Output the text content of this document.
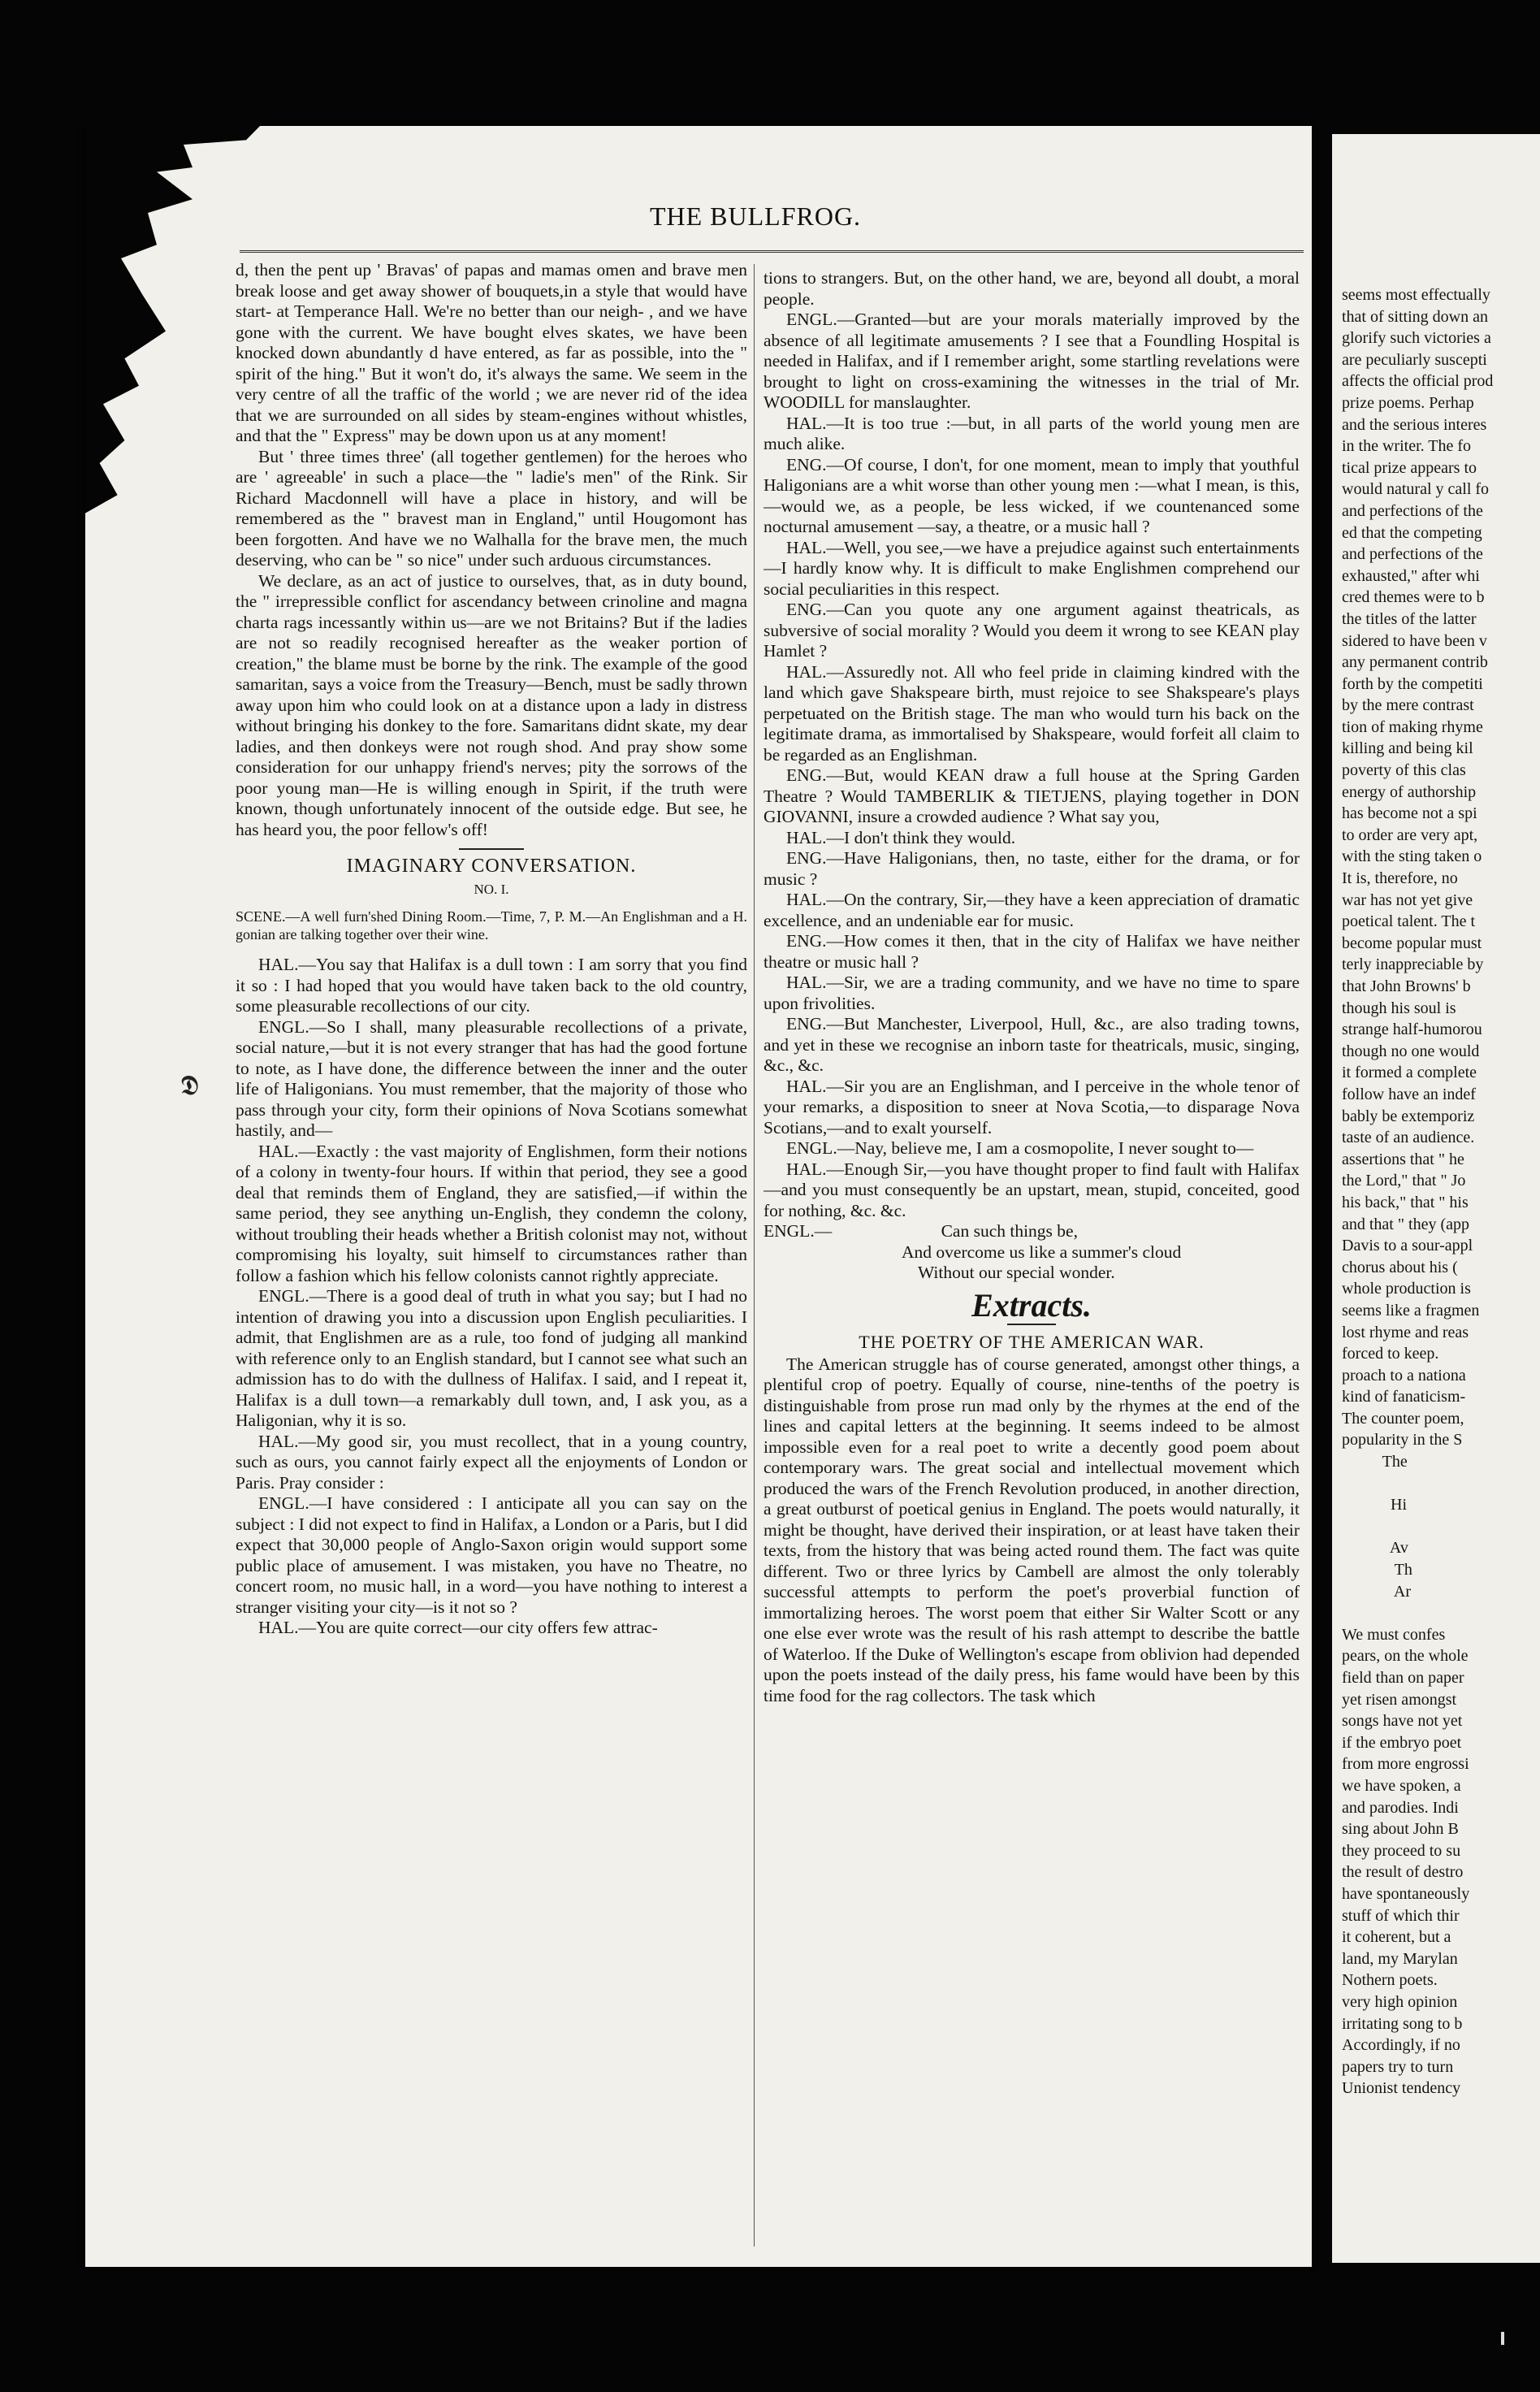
THE BULLFROG.
𝕯

d, then the pent up ' Bravas' of papas and mamas omen and brave men break loose and get away shower of bouquets,in a style that would have start- at Temperance Hall. We're no better than our neigh- , and we have gone with the current. We have bought elves skates, we have been knocked down abundantly d have entered, as far as possible, into the " spirit of the hing." But it won't do, it's always the same. We seem in the very centre of all the traffic of the world ; we are never rid of the idea that we are surrounded on all sides by steam-engines without whistles, and that the " Express" may be down upon us at any moment!

But ' three times three' (all together gentlemen) for the heroes who are ' agreeable' in such a place—the " ladie's men" of the Rink. Sir Richard Macdonnell will have a place in history, and will be remembered as the " bravest man in England," until Hougomont has been forgotten. And have we no Walhalla for the brave men, the much deserving, who can be " so nice" under such arduous circumstances.

We declare, as an act of justice to ourselves, that, as in duty bound, the " irrepressible conflict for ascendancy between crinoline and magna charta rags incessantly within us—are we not Britains? But if the ladies are not so readily recognised hereafter as the weaker portion of creation," the blame must be borne by the rink. The example of the good samaritan, says a voice from the Treasury—Bench, must be sadly thrown away upon him who could look on at a distance upon a lady in distress without bringing his donkey to the fore. Samaritans didnt skate, my dear ladies, and then donkeys were not rough shod. And pray show some consideration for our unhappy friend's nerves; pity the sorrows of the poor young man—He is willing enough in Spirit, if the truth were known, though unfortunately innocent of the outside edge. But see, he has heard you, the poor fellow's off!

IMAGINARY CONVERSATION.
NO. I.

SCENE.—A well furn'shed Dining Room.—Time, 7, P. M.—An Englishman and a H. gonian are talking together over their wine.

HAL.—You say that Halifax is a dull town : I am sorry that you find it so : I had hoped that you would have taken back to the old country, some pleasurable recollections of our city.

ENGL.—So I shall, many pleasurable recollections of a private, social nature,—but it is not every stranger that has had the good fortune to note, as I have done, the difference between the inner and the outer life of Haligonians. You must remember, that the majority of those who pass through your city, form their opinions of Nova Scotians somewhat hastily, and—

HAL.—Exactly : the vast majority of Englishmen, form their notions of a colony in twenty-four hours. If within that period, they see a good deal that reminds them of England, they are satisfied,—if within the same period, they see anything un-English, they condemn the colony, without troubling their heads whether a British colonist may not, without compromising his loyalty, suit himself to circumstances rather than follow a fashion which his fellow colonists cannot rightly appreciate.

ENGL.—There is a good deal of truth in what you say; but I had no intention of drawing you into a discussion upon English peculiarities. I admit, that Englishmen are as a rule, too fond of judging all mankind with reference only to an English standard, but I cannot see what such an admission has to do with the dullness of Halifax. I said, and I repeat it, Halifax is a dull town—a remarkably dull town, and, I ask you, as a Haligonian, why it is so.

HAL.—My good sir, you must recollect, that in a young country, such as ours, you cannot fairly expect all the enjoyments of London or Paris. Pray consider :

ENGL.—I have considered : I anticipate all you can say on the subject : I did not expect to find in Halifax, a London or a Paris, but I did expect that 30,000 people of Anglo-Saxon origin would support some public place of amusement. I was mistaken, you have no Theatre, no concert room, no music hall, in a word—you have nothing to interest a stranger visiting your city—is it not so ?

HAL.—You are quite correct—our city offers few attrac-

tions to strangers. But, on the other hand, we are, beyond all doubt, a moral people.

ENGL.—Granted—but are your morals materially improved by the absence of all legitimate amusements ? I see that a Foundling Hospital is needed in Halifax, and if I remember aright, some startling revelations were brought to light on cross-examining the witnesses in the trial of Mr. WOODILL for manslaughter.

HAL.—It is too true :—but, in all parts of the world young men are much alike.

ENG.—Of course, I don't, for one moment, mean to imply that youthful Haligonians are a whit worse than other young men :—what I mean, is this,—would we, as a people, be less wicked, if we countenanced some nocturnal amusement —say, a theatre, or a music hall ?

HAL.—Well, you see,—we have a prejudice against such entertainments—I hardly know why. It is difficult to make Englishmen comprehend our social peculiarities in this respect.

ENG.—Can you quote any one argument against theatricals, as subversive of social morality ? Would you deem it wrong to see KEAN play Hamlet ?

HAL.—Assuredly not. All who feel pride in claiming kindred with the land which gave Shakspeare birth, must rejoice to see Shakspeare's plays perpetuated on the British stage. The man who would turn his back on the legitimate drama, as immortalised by Shakspeare, would forfeit all claim to be regarded as an Englishman.

ENG.—But, would KEAN draw a full house at the Spring Garden Theatre ? Would TAMBERLIK & TIETJENS, playing together in DON GIOVANNI, insure a crowded audience ? What say you,

HAL.—I don't think they would.

ENG.—Have Haligonians, then, no taste, either for the drama, or for music ?

HAL.—On the contrary, Sir,—they have a keen appreciation of dramatic excellence, and an undeniable ear for music.

ENG.—How comes it then, that in the city of Halifax we have neither theatre or music hall ?

HAL.—Sir, we are a trading community, and we have no time to spare upon frivolities.

ENG.—But Manchester, Liverpool, Hull, &c., are also trading towns, and yet in these we recognise an inborn taste for theatricals, music, singing, &c., &c.

HAL.—Sir you are an Englishman, and I perceive in the whole tenor of your remarks, a disposition to sneer at Nova Scotia,—to disparage Nova Scotians,—and to exalt yourself.

ENGL.—Nay, believe me, I am a cosmopolite, I never sought to—

HAL.—Enough Sir,—you have thought proper to find fault with Halifax—and you must consequently be an upstart, mean, stupid, conceited, good for nothing, &c. &c.

ENGL.—                         Can such things be,

And overcome us like a summer's cloud

Without our special wonder.

Extracts.
THE POETRY OF THE AMERICAN WAR.

The American struggle has of course generated, amongst other things, a plentiful crop of poetry. Equally of course, nine-tenths of the poetry is distinguishable from prose run mad only by the rhymes at the end of the lines and capital letters at the beginning. It seems indeed to be almost impossible even for a real poet to write a decently good poem about contemporary wars. The great social and intellectual movement which produced the wars of the French Revolution produced, in another direction, a great outburst of poetical genius in England. The poets would naturally, it might be thought, have derived their inspiration, or at least have taken their texts, from the history that was being acted round them. The fact was quite different. Two or three lyrics by Cambell are almost the only tolerably successful attempts to perform the poet's proverbial function of immortalizing heroes. The worst poem that either Sir Walter Scott or any one else ever wrote was the result of his rash attempt to describe the battle of Waterloo. If the Duke of Wellington's escape from oblivion had depended upon the poets instead of the daily press, his fame would have been by this time food for the rag collectors. The task which

seems most effectually

that of sitting down an

glorify such victories a

are peculiarly suscepti

affects the official prod

prize poems. Perhap

and the serious interes

in the writer. The fo

tical prize appears to

would natural y call fo

and perfections of the

ed that the competing

and perfections of the

exhausted," after whi

cred themes were to b

the titles of the latter

sidered to have been v

any permanent contrib

forth by the competiti

by the mere contrast

tion of making rhyme

killing and being kil

poverty of this clas

energy of authorship

has become not a spi

to order are very apt,

with the sting taken o

It is, therefore, no

war has not yet give

poetical talent. The t

become popular must

terly inappreciable by

that John Browns' b

though his soul is

strange half-humorou

though no one would

it formed a complete

follow have an indef

bably be extemporiz

taste of an audience.

assertions that " he

the Lord," that " Jo

his back," that " his

and that " they (app

Davis to a sour-appl

chorus about his (

whole production is

seems like a fragmen

lost rhyme and reas

forced to keep.

proach to a nationa

kind of fanaticism-

The counter poem,

popularity in the S

The

Hi

Av

Th

Ar

We must confes

pears, on the whole

field than on paper

yet risen amongst

songs have not yet

if the embryo poet

from more engrossi

we have spoken, a

and parodies. Indi

sing about John B

they proceed to su

the result of destro

have spontaneously

stuff of which thir

it coherent, but a

land, my Marylan

Nothern poets.

very high opinion

irritating song to b

Accordingly, if no

papers try to turn

Unionist tendency
